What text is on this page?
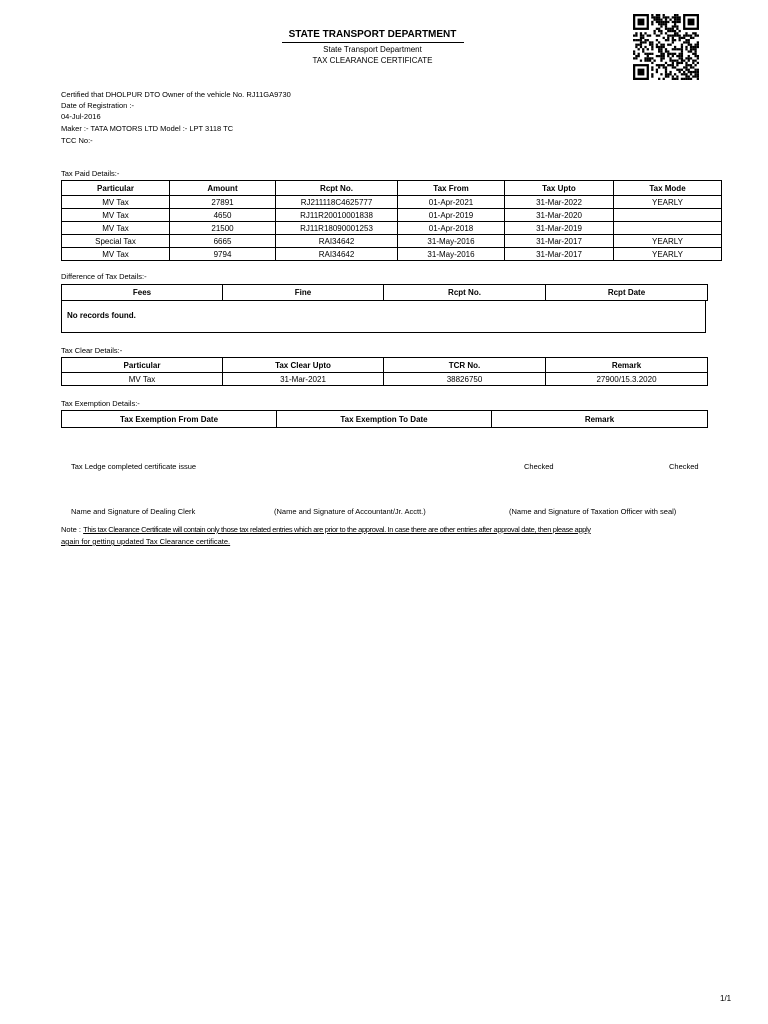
STATE TRANSPORT DEPARTMENT
State Transport Department
TAX CLEARANCE CERTIFICATE
Certified that DHOLPUR DTO Owner of the vehicle No. RJ11GA9730
Date of Registration :-
04-Jul-2016
Maker :- TATA MOTORS LTD Model :- LPT 3118 TC
TCC No:-
Tax Paid Details:-
Particular	Amount	Rcpt No.	Tax From	Tax Upto	Tax Mode
MV Tax	27891	RJ211118C4625777	01-Apr-2021	31-Mar-2022	YEARLY
MV Tax	4650	RJ11R20010001838	01-Apr-2019	31-Mar-2020	
MV Tax	21500	RJ11R18090001253	01-Apr-2018	31-Mar-2019	
Special Tax	6665	RAI34642	31-May-2016	31-Mar-2017	YEARLY
MV Tax	9794	RAI34642	31-May-2016	31-Mar-2017	YEARLY
Difference of Tax Details:-
Fees	Fine	Rcpt No.	Rcpt Date
No records found.
Tax Clear Details:-
Particular	Tax Clear Upto	TCR No.	Remark
MV Tax	31-Mar-2021	38826750	27900/15.3.2020
Tax Exemption Details:-
Tax Exemption From Date	Tax Exemption To Date	Remark
Tax Ledge completed certificate issue	Checked	Checked
Name and Signature of Dealing Clerk	(Name and Signature of Accountant/Jr. Acctt.)	(Name and Signature of Taxation Officer with seal)
Note : This tax Clearance Certificate will contain only those tax related entries which are prior to the approval. In case there are other entries after approval date, then please apply
again for getting updated Tax Clearance certificate.
1/1
